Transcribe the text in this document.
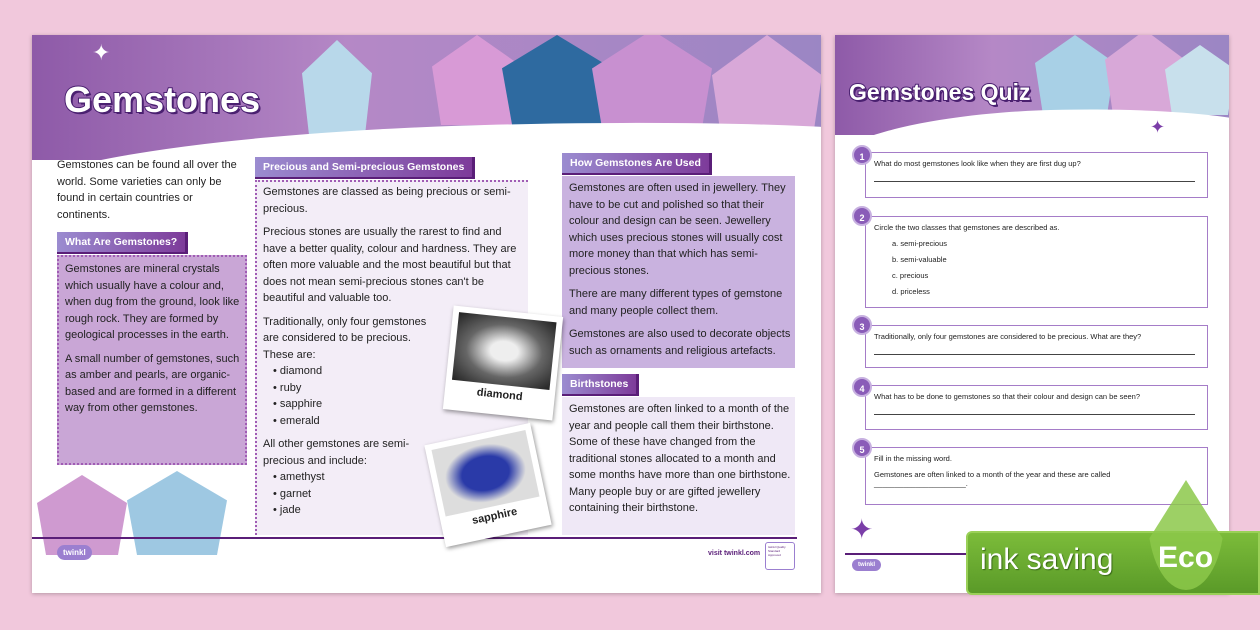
Gemstones
✦
Gemstones can be found all over the world. Some varieties can only be found in certain countries or continents.
What Are Gemstones?

Gemstones are mineral crystals which usually have a colour and, when dug from the ground, look like rough rock. They are formed by geological processes in the earth.

A small number of gemstones, such as amber and pearls, are organic-based and are formed in a different way from other gemstones.

Precious and Semi-precious Gemstones

Gemstones are classed as being precious or semi-precious.

Precious stones are usually the rarest to find and have a better quality, colour and hardness. They are often more valuable and the most beautiful but that does not mean semi-precious stones can't be beautiful and valuable too.

Traditionally, only four gemstones are considered to be precious.
These are:
• diamond
• ruby
• sapphire
• emerald
All other gemstones are semi-precious and include:
• amethyst
• garnet
• jade
diamond
sapphire
How Gemstones Are Used

Gemstones are often used in jewellery. They have to be cut and polished so that their colour and design can be seen. Jewellery which uses precious stones will usually cost more money than that which has semi-precious stones.

There are many different types of gemstone and many people collect them.

Gemstones are also used to decorate objects such as ornaments and religious artefacts.

Birthstones
Gemstones are often linked to a month of the year and people call them their birthstone. Some of these have changed from the traditional stones allocated to a month and some months have more than one birthstone. Many people buy or are gifted jewellery containing their birthstone.
twinkl	visit twinkl.com
twinkl Quality Standard Approved
Gemstones Quiz
✦
What do most gemstones look like when they are first dug up?
1
Circle the two classes that gemstones are described as.
a. semi-precious
b. semi-valuable
c. precious
d. priceless
2
Traditionally, only four gemstones are considered to be precious. What are they?
3
What has to be done to gemstones so that their colour and design can be seen?
4
Fill in the missing word.
Gemstones are often linked to a month of the year and these are called ______________________.
5
✦
twinkl	ink saving	Eco
